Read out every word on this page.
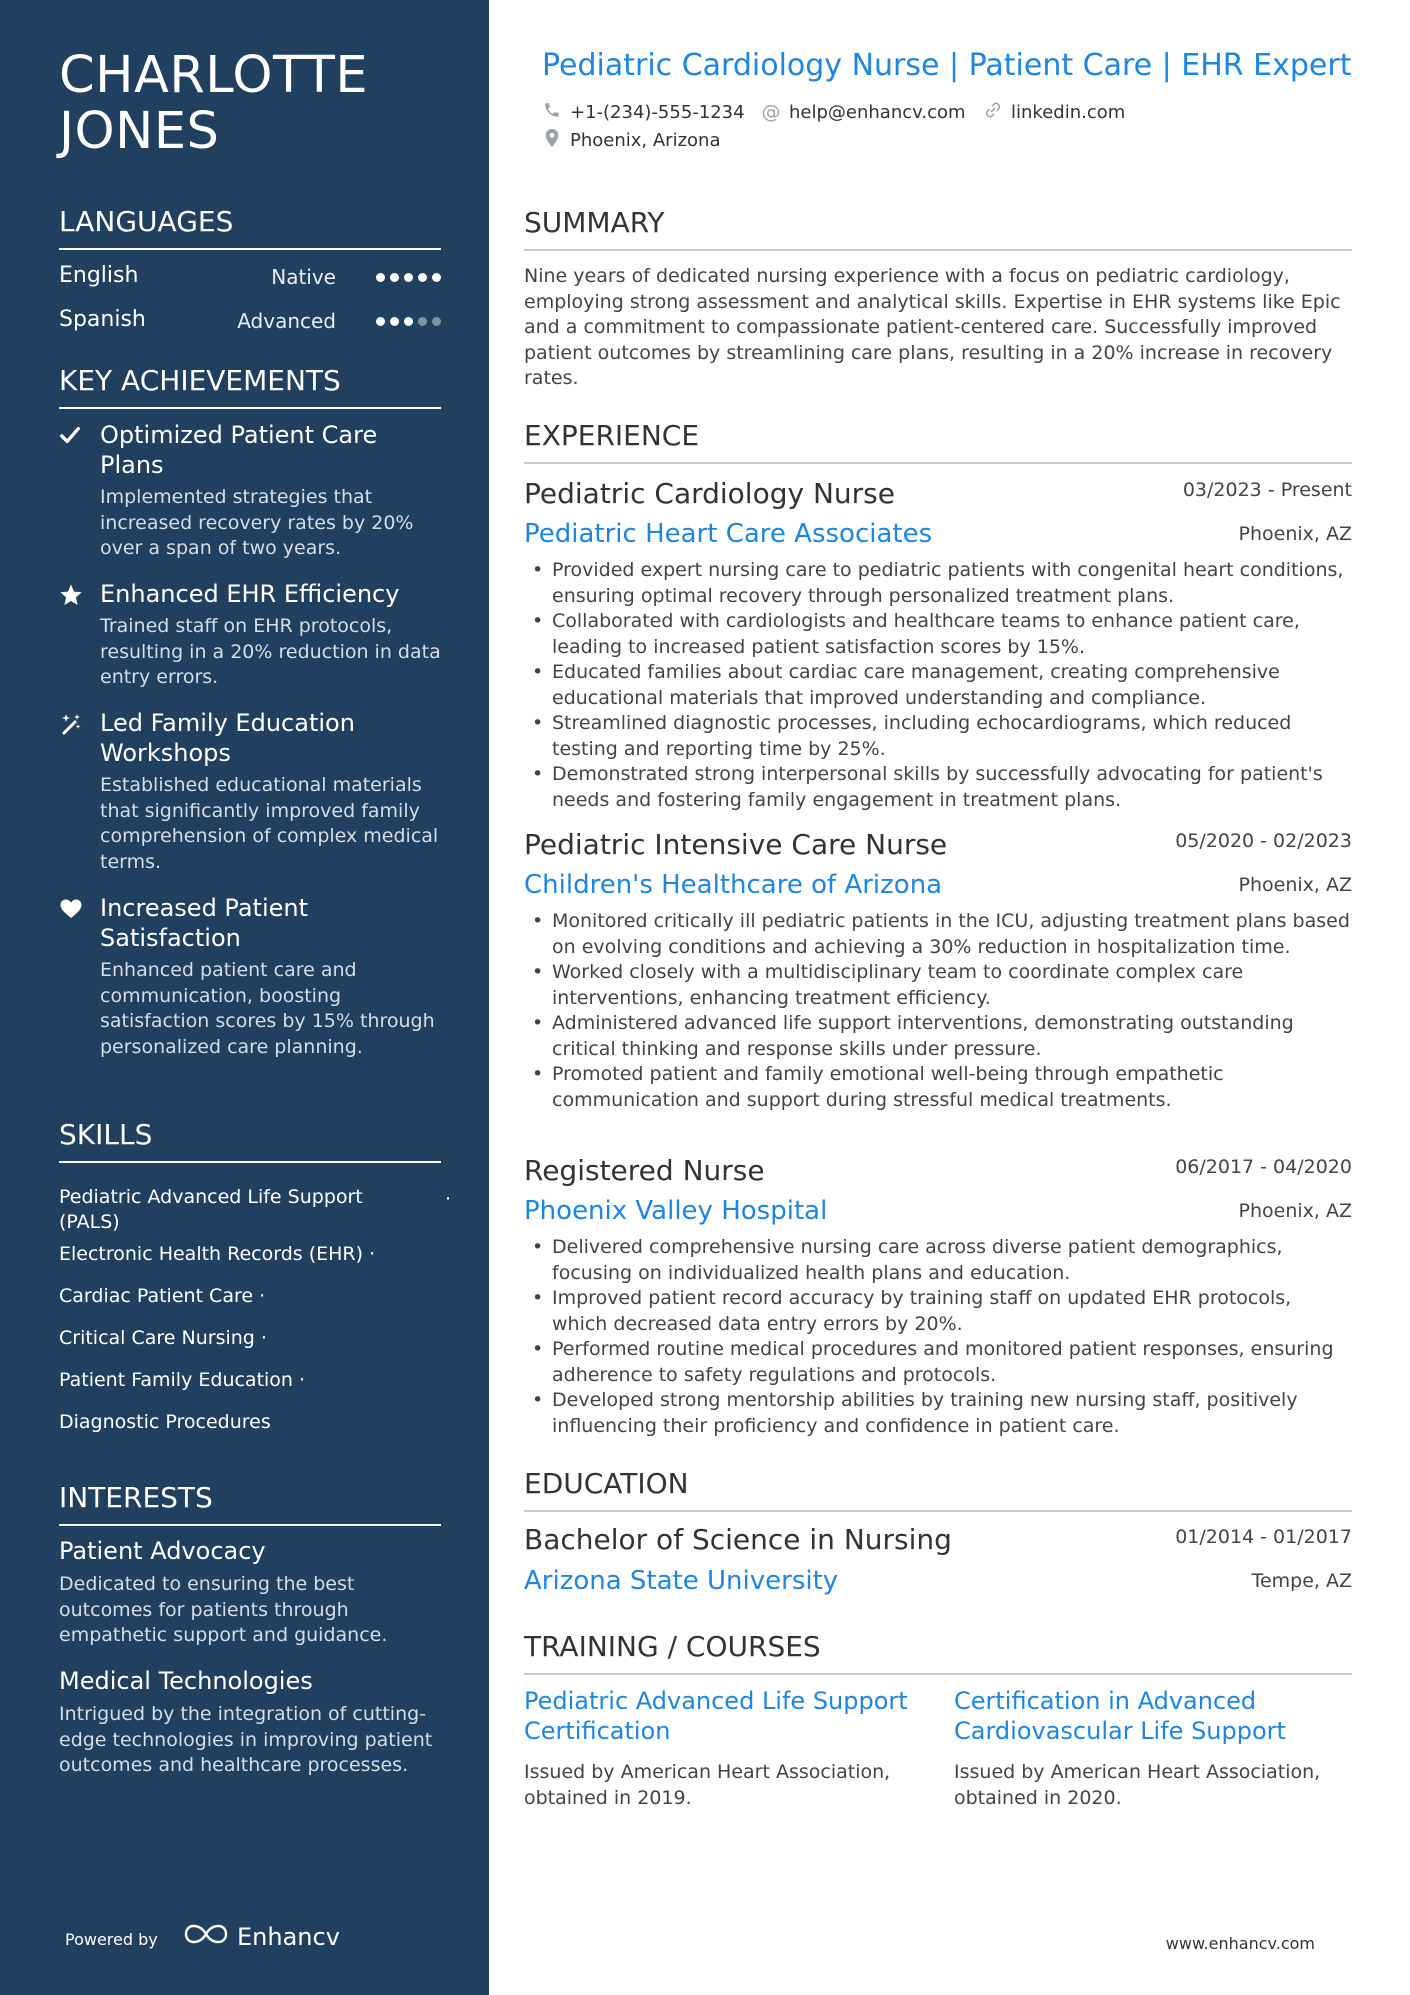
CHARLOTTE JONES
LANGUAGES
English	Native
Spanish	Advanced
KEY ACHIEVEMENTS
Optimized Patient Care Plans
Implemented strategies that increased recovery rates by 20% over a span of two years.
Enhanced EHR Efficiency
Trained staff on EHR protocols, resulting in a 20% reduction in data entry errors.
Led Family Education Workshops
Established educational materials that significantly improved family comprehension of complex medical terms.
Increased Patient Satisfaction
Enhanced patient care and communication, boosting satisfaction scores by 15% through personalized care planning.
SKILLS
Pediatric Advanced Life Support (PALS)
·
Electronic Health Records (EHR) ·
Cardiac Patient Care ·
Critical Care Nursing ·
Patient Family Education ·
Diagnostic Procedures
INTERESTS
Patient Advocacy
Dedicated to ensuring the best outcomes for patients through empathetic support and guidance.
Medical Technologies
Intrigued by the integration of cutting-edge technologies in improving patient outcomes and healthcare processes.
Powered by	Enhancv
Pediatric Cardiology Nurse | Patient Care | EHR Expert
+1-(234)-555-1234 @ help@enhancv.com	linkedin.com
Phoenix, Arizona
SUMMARY
Nine years of dedicated nursing experience with a focus on pediatric cardiology, employing strong assessment and analytical skills. Expertise in EHR systems like Epic and a commitment to compassionate patient-centered care. Successfully improved patient outcomes by streamlining care plans, resulting in a 20% increase in recovery rates.
EXPERIENCE
Pediatric Cardiology Nurse	03/2023 - Present
Pediatric Heart Care Associates	Phoenix, AZ
• Provided expert nursing care to pediatric patients with congenital heart conditions, ensuring optimal recovery through personalized treatment plans.
• Collaborated with cardiologists and healthcare teams to enhance patient care, leading to increased patient satisfaction scores by 15%.
• Educated families about cardiac care management, creating comprehensive educational materials that improved understanding and compliance.
• Streamlined diagnostic processes, including echocardiograms, which reduced testing and reporting time by 25%.
• Demonstrated strong interpersonal skills by successfully advocating for patient's needs and fostering family engagement in treatment plans.
Pediatric Intensive Care Nurse	05/2020 - 02/2023
Children's Healthcare of Arizona	Phoenix, AZ
• Monitored critically ill pediatric patients in the ICU, adjusting treatment plans based on evolving conditions and achieving a 30% reduction in hospitalization time.
• Worked closely with a multidisciplinary team to coordinate complex care interventions, enhancing treatment efficiency.
• Administered advanced life support interventions, demonstrating outstanding critical thinking and response skills under pressure.
• Promoted patient and family emotional well-being through empathetic communication and support during stressful medical treatments.
Registered Nurse	06/2017 - 04/2020
Phoenix Valley Hospital	Phoenix, AZ
• Delivered comprehensive nursing care across diverse patient demographics, focusing on individualized health plans and education.
• Improved patient record accuracy by training staff on updated EHR protocols, which decreased data entry errors by 20%.
• Performed routine medical procedures and monitored patient responses, ensuring adherence to safety regulations and protocols.
• Developed strong mentorship abilities by training new nursing staff, positively influencing their proficiency and confidence in patient care.
EDUCATION
Bachelor of Science in Nursing	01/2014 - 01/2017
Arizona State University	Tempe, AZ
TRAINING / COURSES
Pediatric Advanced Life Support Certification
Issued by American Heart Association, obtained in 2019.
Certification in Advanced Cardiovascular Life Support
Issued by American Heart Association, obtained in 2020.
www.enhancv.com
